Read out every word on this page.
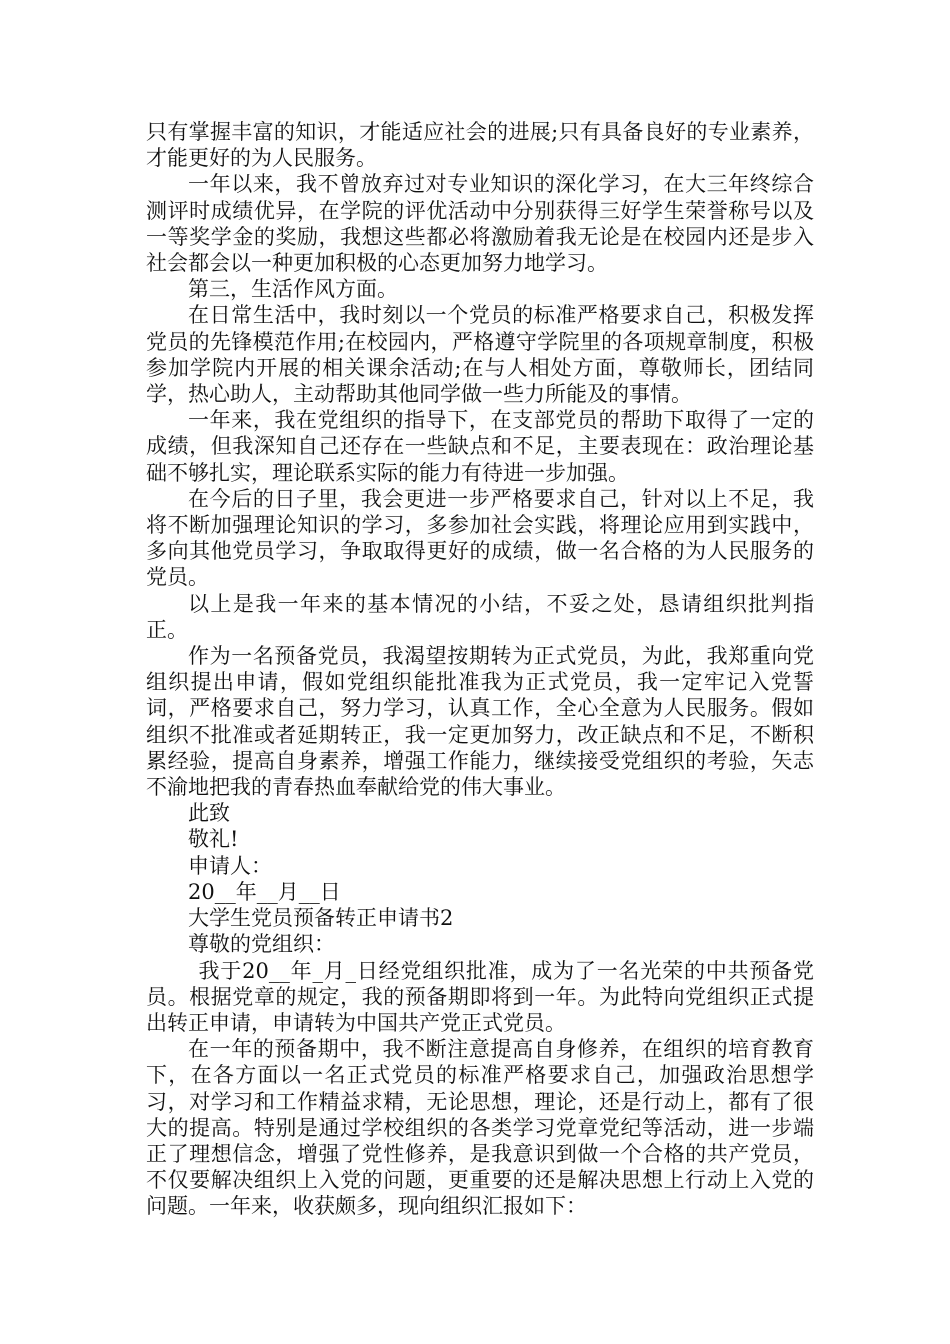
只有掌握丰富的知识，才能适应社会的进展;只有具备良好的专业素养，才能更好的为人民服务。

一年以来，我不曾放弃过对专业知识的深化学习，在大三年终综合测评时成绩优异，在学院的评优活动中分别获得三好学生荣誉称号以及一等奖学金的奖励，我想这些都必将激励着我无论是在校园内还是步入社会都会以一种更加积极的心态更加努力地学习。

第三，生活作风方面。

在日常生活中，我时刻以一个党员的标准严格要求自己，积极发挥党员的先锋模范作用;在校园内，严格遵守学院里的各项规章制度，积极参加学院内开展的相关课余活动;在与人相处方面，尊敬师长，团结同学，热心助人，主动帮助其他同学做一些力所能及的事情。

一年来，我在党组织的指导下，在支部党员的帮助下取得了一定的成绩，但我深知自己还存在一些缺点和不足，主要表现在：政治理论基础不够扎实，理论联系实际的能力有待进一步加强。

在今后的日子里，我会更进一步严格要求自己，针对以上不足，我将不断加强理论知识的学习，多参加社会实践，将理论应用到实践中，多向其他党员学习，争取取得更好的成绩，做一名合格的为人民服务的党员。

以上是我一年来的基本情况的小结，不妥之处，恳请组织批判指正。

作为一名预备党员，我渴望按期转为正式党员，为此，我郑重向党组织提出申请，假如党组织能批准我为正式党员，我一定牢记入党誓词，严格要求自己，努力学习，认真工作，全心全意为人民服务。假如组织不批准或者延期转正，我一定更加努力，改正缺点和不足，不断积累经验，提高自身素养，增强工作能力，继续接受党组织的考验，矢志不渝地把我的青春热血奉献给党的伟大事业。

此致

敬礼!

申请人：

20__年__月__日

大学生党员预备转正申请书2

尊敬的党组织：

我于20__年_月_日经党组织批准，成为了一名光荣的中共预备党员。根据党章的规定，我的预备期即将到一年。为此特向党组织正式提出转正申请，申请转为中国共产党正式党员。

在一年的预备期中，我不断注意提高自身修养，在组织的培育教育下，在各方面以一名正式党员的标准严格要求自己，加强政治思想学习，对学习和工作精益求精，无论思想，理论，还是行动上，都有了很大的提高。特别是通过学校组织的各类学习党章党纪等活动，进一步端正了理想信念，增强了党性修养，是我意识到做一个合格的共产党员，不仅要解决组织上入党的问题，更重要的还是解决思想上行动上入党的问题。一年来，收获颇多，现向组织汇报如下：
